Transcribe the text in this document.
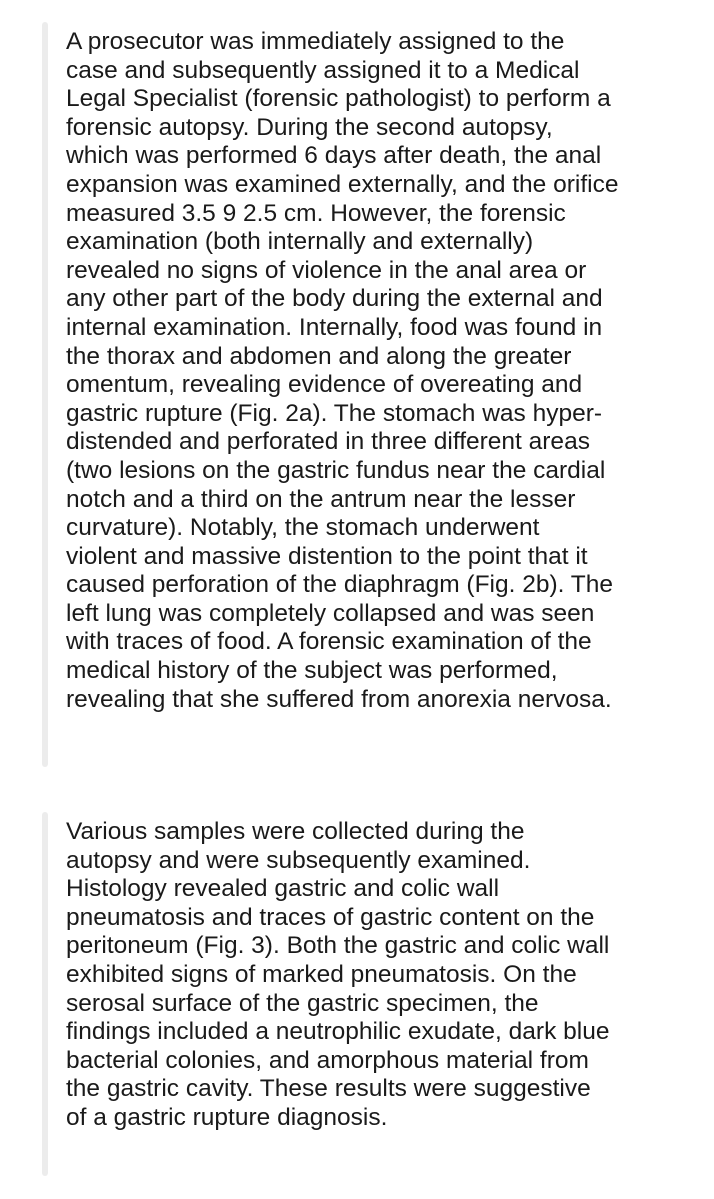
A prosecutor was immediately assigned to the
case and subsequently assigned it to a Medical
Legal Specialist (forensic pathologist) to perform a
forensic autopsy. During the second autopsy,
which was performed 6 days after death, the anal
expansion was examined externally, and the orifice
measured 3.5 9 2.5 cm. However, the forensic
examination (both internally and externally)
revealed no signs of violence in the anal area or
any other part of the body during the external and
internal examination. Internally, food was found in
the thorax and abdomen and along the greater
omentum, revealing evidence of overeating and
gastric rupture (Fig. 2a). The stomach was hyper-
distended and perforated in three different areas
(two lesions on the gastric fundus near the cardial
notch and a third on the antrum near the lesser
curvature). Notably, the stomach underwent
violent and massive distention to the point that it
caused perforation of the diaphragm (Fig. 2b). The
left lung was completely collapsed and was seen
with traces of food. A forensic examination of the
medical history of the subject was performed,
revealing that she suffered from anorexia nervosa.

Various samples were collected during the
autopsy and were subsequently examined.
Histology revealed gastric and colic wall
pneumatosis and traces of gastric content on the
peritoneum (Fig. 3). Both the gastric and colic wall
exhibited signs of marked pneumatosis. On the
serosal surface of the gastric specimen, the
findings included a neutrophilic exudate, dark blue
bacterial colonies, and amorphous material from
the gastric cavity. These results were suggestive
of a gastric rupture diagnosis.
